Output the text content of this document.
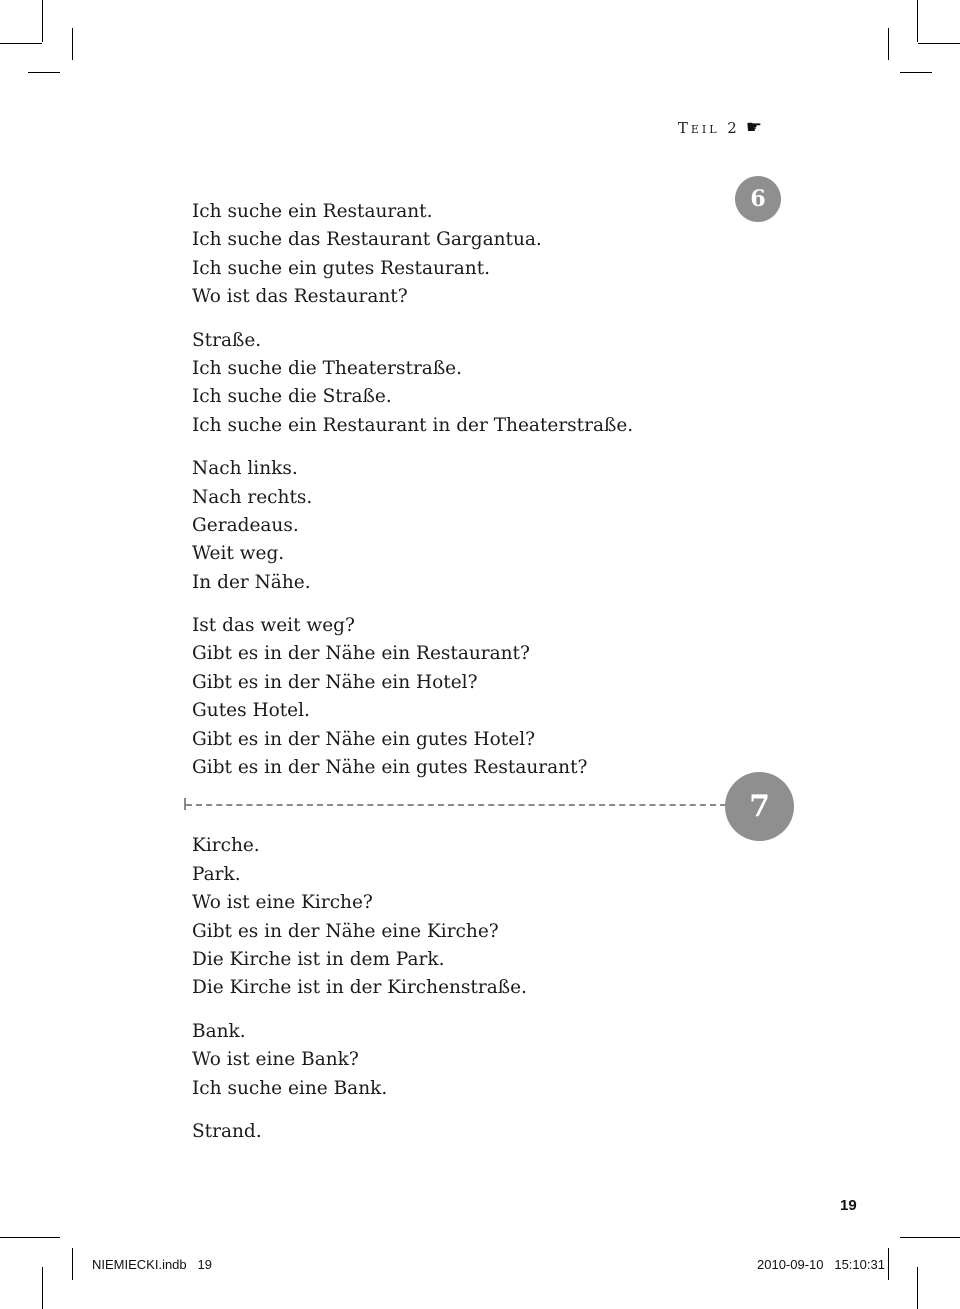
Teil 2 ☛
6
7
Ich suche ein Restaurant.
Ich suche das Restaurant Gargantua.
Ich suche ein gutes Restaurant.
Wo ist das Restaurant?
Straße.
Ich suche die Theaterstraße.
Ich suche die Straße.
Ich suche ein Restaurant in der Theaterstraße.
Nach links.
Nach rechts.
Geradeaus.
Weit weg.
In der Nähe.
Ist das weit weg?
Gibt es in der Nähe ein Restaurant?
Gibt es in der Nähe ein Hotel?
Gutes Hotel.
Gibt es in der Nähe ein gutes Hotel?
Gibt es in der Nähe ein gutes Restaurant?
Kirche.
Park.
Wo ist eine Kirche?
Gibt es in der Nähe eine Kirche?
Die Kirche ist in dem Park.
Die Kirche ist in der Kirchenstraße.
Bank.
Wo ist eine Bank?
Ich suche eine Bank.
Strand.
19
NIEMIECKI.indb   19	2010-09-10   15:10:31
